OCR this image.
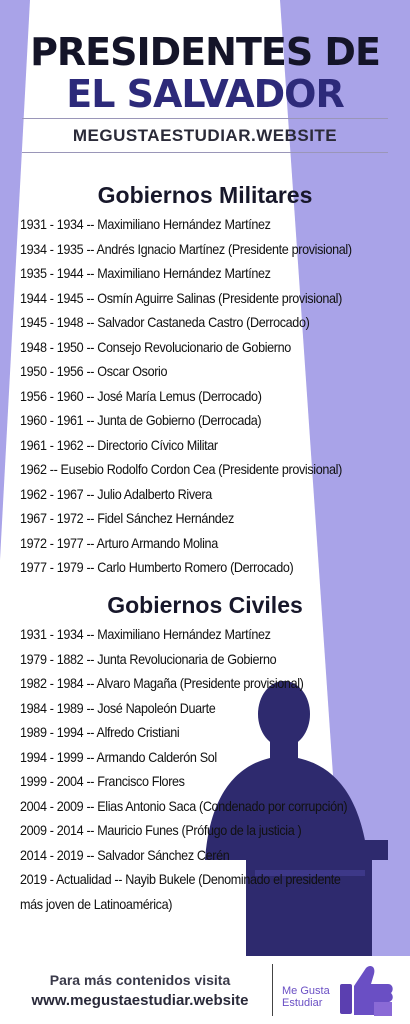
PRESIDENTES DE
EL SALVADOR
MEGUSTAESTUDIAR.WEBSITE
Gobiernos Militares
1931 - 1934 -- Maximiliano Hernández Martínez
1934 - 1935 -- Andrés Ignacio Martínez (Presidente provisional)
1935 - 1944 -- Maximiliano Hernández Martínez
1944 - 1945 -- Osmín Aguirre Salinas (Presidente provisional)
1945 - 1948 -- Salvador Castaneda Castro (Derrocado)
1948 - 1950 -- Consejo Revolucionario de Gobierno
1950 - 1956 -- Oscar Osorio
1956 - 1960 -- José María Lemus (Derrocado)
1960 - 1961 -- Junta de Gobierno (Derrocada)
1961 - 1962 -- Directorio Cívico Militar
1962 -- Eusebio Rodolfo Cordon Cea (Presidente provisional)
1962 - 1967 -- Julio Adalberto Rivera
1967 - 1972 -- Fidel Sánchez Hernández
1972 - 1977 -- Arturo Armando Molina
1977 - 1979 -- Carlo Humberto Romero (Derrocado)
Gobiernos Civiles
1931 - 1934 -- Maximiliano Hernández Martínez
1979 - 1882 -- Junta Revolucionaria de Gobierno
1982 - 1984 -- Alvaro Magaña (Presidente provisional)
1984 - 1989 -- José Napoleón Duarte
1989 - 1994 -- Alfredo Cristiani
1994 - 1999 -- Armando Calderón Sol
1999 - 2004 -- Francisco Flores
2004 - 2009 -- Elias Antonio Saca (Condenado por corrupción)
2009 - 2014 -- Mauricio Funes (Prófugo de la justicia )
2014 - 2019 -- Salvador Sánchez Cerén
2019 - Actualidad -- Nayib Bukele (Denominado el presidente
más joven de Latinoamérica)
Para más contenidos visita
www.megustaestudiar.website
Me Gusta
Estudiar
